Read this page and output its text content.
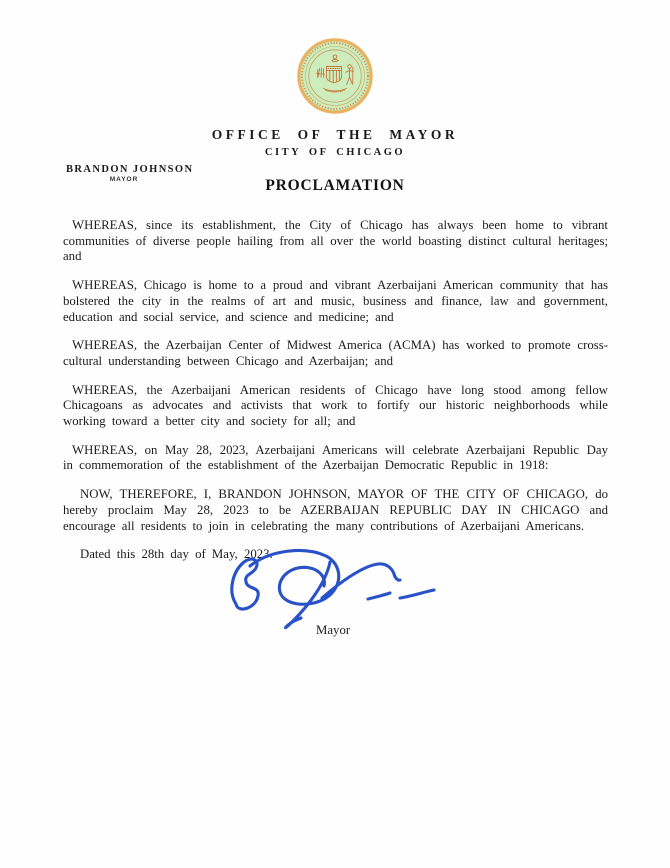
OFFICE OF THE MAYOR
CITY OF CHICAGO
BRANDON JOHNSON
MAYOR	PROCLAMATION

WHEREAS, since its establishment, the City of Chicago has always been home to vibrant communities of diverse people hailing from all over the world boasting distinct cultural heritages; and

WHEREAS, Chicago is home to a proud and vibrant Azerbaijani American community that has bolstered the city in the realms of art and music, business and finance, law and government, education and social service, and science and medicine; and

WHEREAS, the Azerbaijan Center of Midwest America (ACMA) has worked to promote cross-cultural understanding between Chicago and Azerbaijan; and

WHEREAS, the Azerbaijani American residents of Chicago have long stood among fellow Chicagoans as advocates and activists that work to fortify our historic neighborhoods while working toward a better city and society for all; and

WHEREAS, on May 28, 2023, Azerbaijani Americans will celebrate Azerbaijani Republic Day in commemoration of the establishment of the Azerbaijan Democratic Republic in 1918:

NOW, THEREFORE, I, BRANDON JOHNSON, MAYOR OF THE CITY OF CHICAGO, do hereby proclaim May 28, 2023 to be AZERBAIJAN REPUBLIC DAY IN CHICAGO and encourage all residents to join in celebrating the many contributions of Azerbaijani Americans.

Dated this 28th day of May, 2023.

Mayor
